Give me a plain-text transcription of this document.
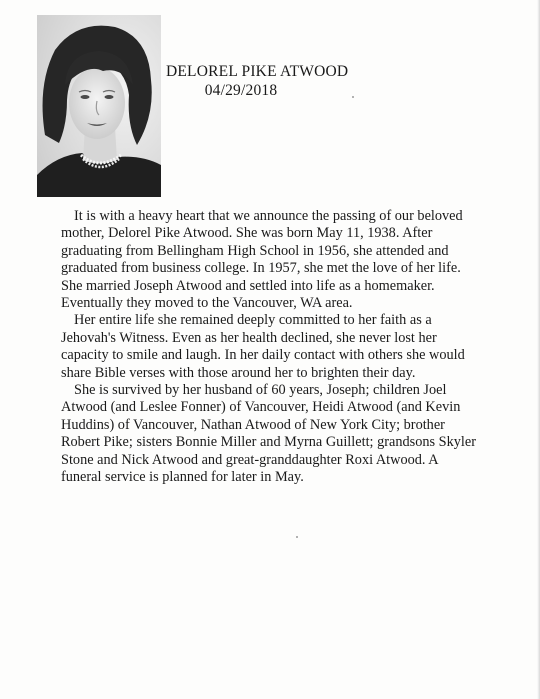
DELOREL PIKE ATWOOD
04/29/2018

It is with a heavy heart that we announce the passing of our beloved mother, Delorel Pike Atwood. She was born May 11, 1938. After graduating from Bellingham High School in 1956, she attended and graduated from business college. In 1957, she met the love of her life. She married Joseph Atwood and settled into life as a homemaker. Eventually they moved to the Vancouver, WA area.

Her entire life she remained deeply committed to her faith as a Jehovah's Witness. Even as her health declined, she never lost her capacity to smile and laugh. In her daily contact with others she would share Bible verses with those around her to brighten their day.

She is survived by her husband of 60 years, Joseph; children Joel Atwood (and Leslee Fonner) of Vancouver, Heidi Atwood (and Kevin Huddins) of Vancouver, Nathan Atwood of New York City; brother Robert Pike; sisters Bonnie Miller and Myrna Guillett; grandsons Skyler Stone and Nick Atwood and great-granddaughter Roxi Atwood. A funeral service is planned for later in May.
